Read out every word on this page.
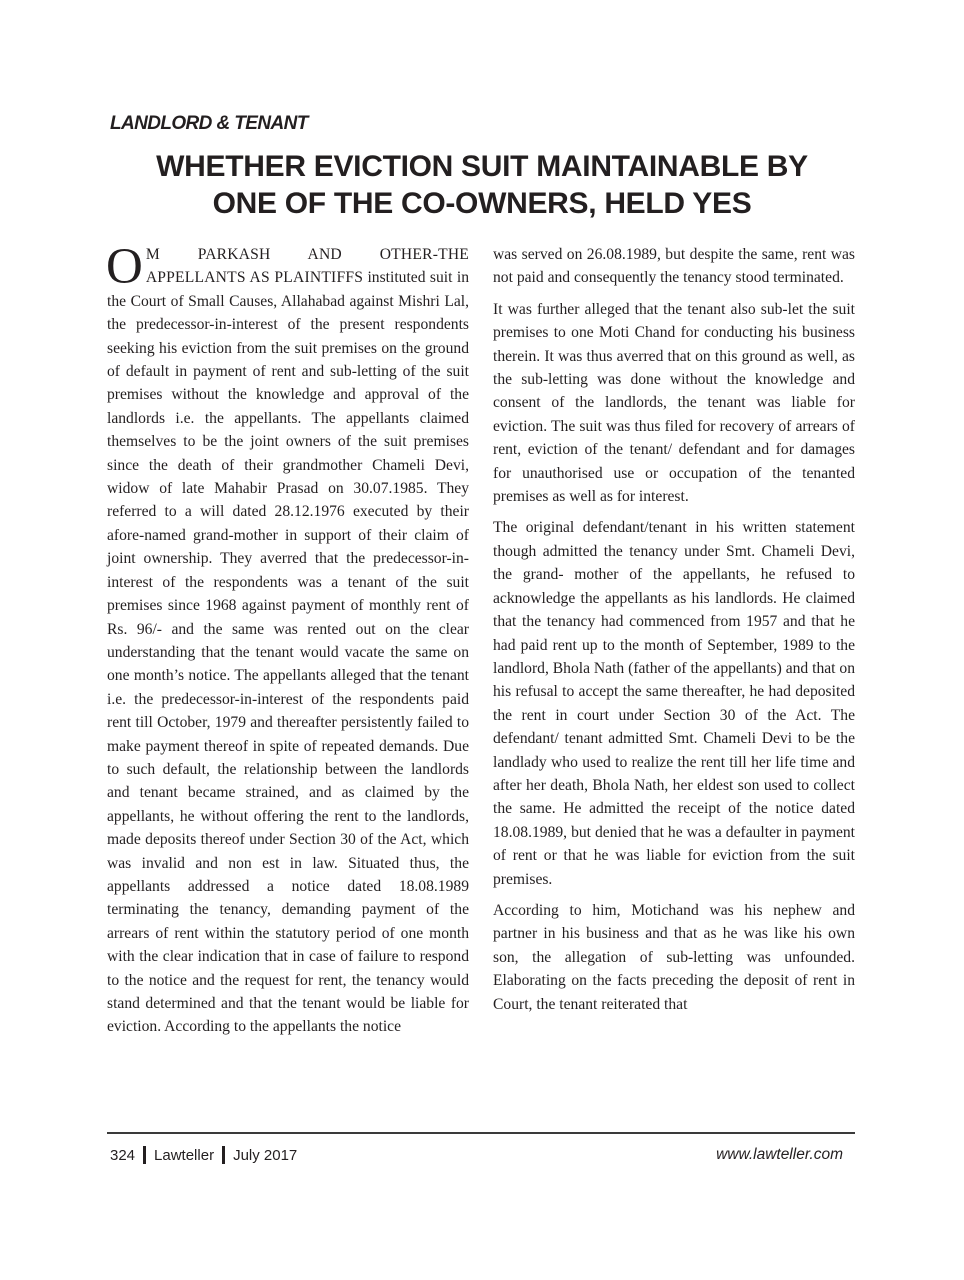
LANDLORD & TENANT
WHETHER EVICTION SUIT MAINTAINABLE BY
ONE OF THE CO-OWNERS, HELD YES

O M PARKASH AND OTHER-THE APPELLANTS AS PLAINTIFFS instituted suit in the Court of Small Causes, Allahabad against Mishri Lal, the predecessor-in-interest of the present respondents seeking his eviction from the suit premises on the ground of default in payment of rent and sub-letting of the suit premises without the knowledge and approval of the landlords i.e. the appellants. The appellants claimed themselves to be the joint owners of the suit premises since the death of their grandmother Chameli Devi, widow of late Mahabir Prasad on 30.07.1985. They referred to a will dated 28.12.1976 executed by their afore-named grand-mother in support of their claim of joint ownership. They averred that the predecessor-in-interest of the respondents was a tenant of the suit premises since 1968 against payment of monthly rent of Rs. 96/- and the same was rented out on the clear understanding that the tenant would vacate the same on one month’s notice. The appellants alleged that the tenant i.e. the predecessor-in-interest of the respondents paid rent till October, 1979 and thereafter persistently failed to make payment thereof in spite of repeated demands. Due to such default, the relationship between the landlords and tenant became strained, and as claimed by the appellants, he without offering the rent to the landlords, made deposits thereof under Section 30 of the Act, which was invalid and non est in law. Situated thus, the appellants addressed a notice dated 18.08.1989 terminating the tenancy, demanding payment of the arrears of rent within the statutory period of one month with the clear indication that in case of failure to respond to the notice and the request for rent, the tenancy would stand determined and that the tenant would be liable for eviction. According to the appellants the notice

was served on 26.08.1989, but despite the same, rent was not paid and consequently the tenancy stood terminated.

It was further alleged that the tenant also sub-let the suit premises to one Moti Chand for conducting his business therein. It was thus averred that on this ground as well, as the sub-letting was done without the knowledge and consent of the landlords, the tenant was liable for eviction. The suit was thus filed for recovery of arrears of rent, eviction of the tenant/ defendant and for damages for unauthorised use or occupation of the tenanted premises as well as for interest.

The original defendant/tenant in his written statement though admitted the tenancy under Smt. Chameli Devi, the grand- mother of the appellants, he refused to acknowledge the appellants as his landlords. He claimed that the tenancy had commenced from 1957 and that he had paid rent up to the month of September, 1989 to the landlord, Bhola Nath (father of the appellants) and that on his refusal to accept the same thereafter, he had deposited the rent in court under Section 30 of the Act. The defendant/ tenant admitted Smt. Chameli Devi to be the landlady who used to realize the rent till her life time and after her death, Bhola Nath, her eldest son used to collect the same. He admitted the receipt of the notice dated 18.08.1989, but denied that he was a defaulter in payment of rent or that he was liable for eviction from the suit premises.

According to him, Motichand was his nephew and partner in his business and that as he was like his own son, the allegation of sub-letting was unfounded. Elaborating on the facts preceding the deposit of rent in Court, the tenant reiterated that

324 Lawteller July 2017	www.lawteller.com
